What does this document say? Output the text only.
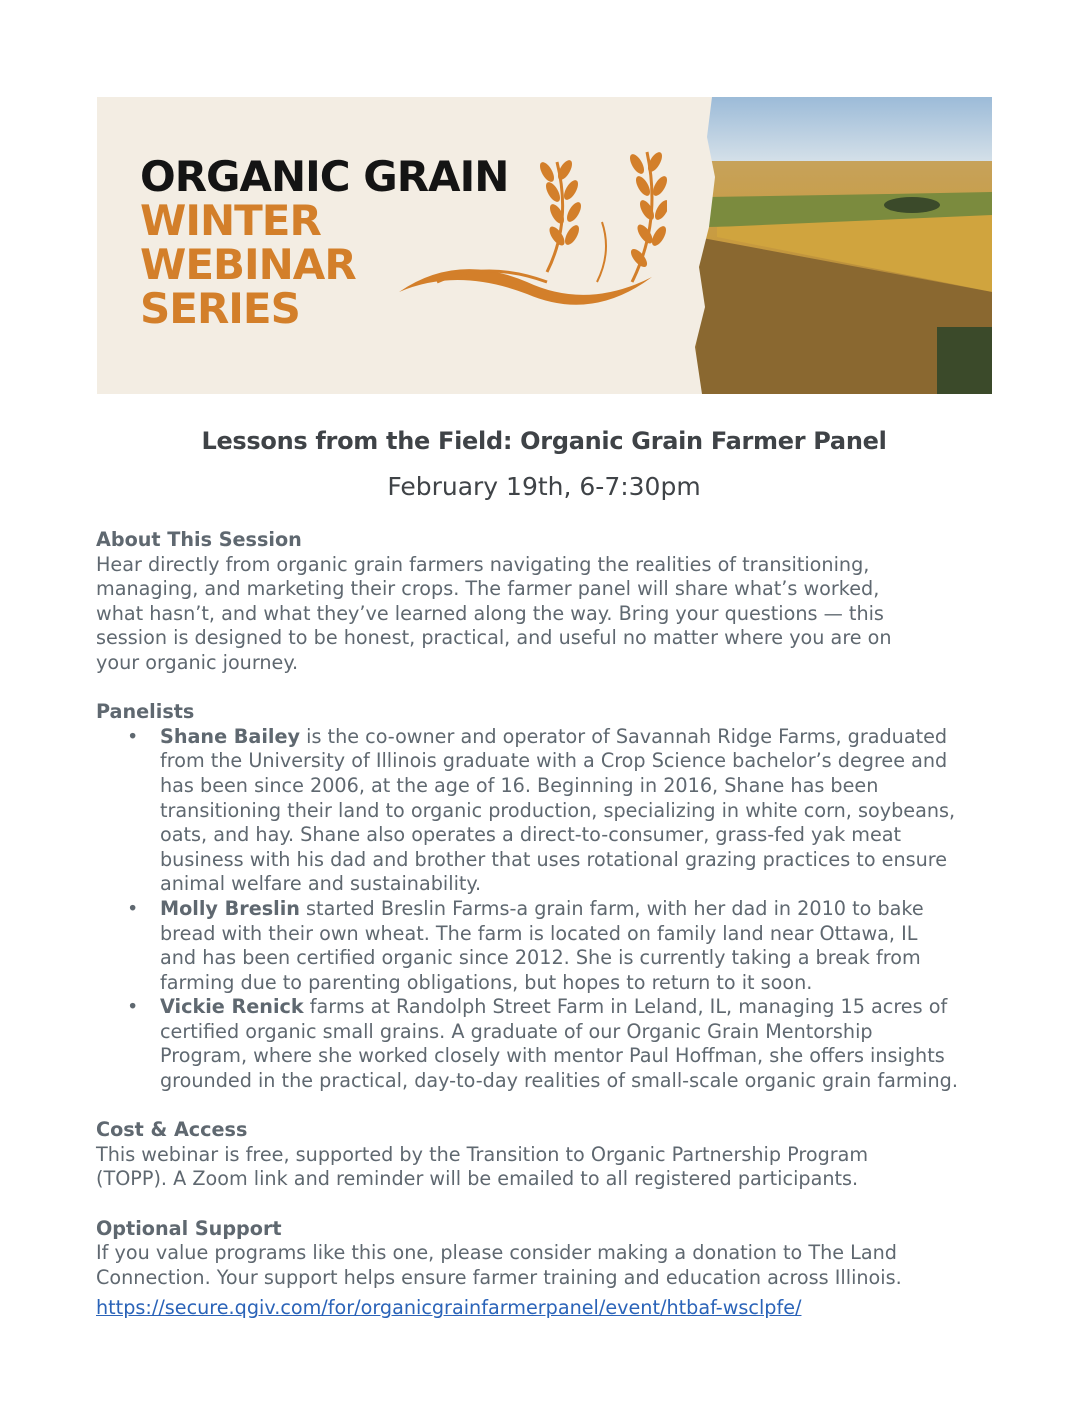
ORGANIC GRAIN
WINTER
WEBINAR
SERIES
Lessons from the Field: Organic Grain Farmer Panel
February 19th, 6-7:30pm
About This Session
Hear directly from organic grain farmers navigating the realities of transitioning,
managing, and marketing their crops. The farmer panel will share what’s worked,
what hasn’t, and what they’ve learned along the way. Bring your questions — this
session is designed to be honest, practical, and useful no matter where you are on
your organic journey.
Panelists
• Shane Bailey is the co-owner and operator of Savannah Ridge Farms, graduated
from the University of Illinois graduate with a Crop Science bachelor’s degree and
has been since 2006, at the age of 16. Beginning in 2016, Shane has been
transitioning their land to organic production, specializing in white corn, soybeans,
oats, and hay. Shane also operates a direct-to-consumer, grass-fed yak meat
business with his dad and brother that uses rotational grazing practices to ensure
animal welfare and sustainability.
• Molly Breslin started Breslin Farms-a grain farm, with her dad in 2010 to bake
bread with their own wheat. The farm is located on family land near Ottawa, IL
and has been certified organic since 2012. She is currently taking a break from
farming due to parenting obligations, but hopes to return to it soon.
• Vickie Renick farms at Randolph Street Farm in Leland, IL, managing 15 acres of
certified organic small grains. A graduate of our Organic Grain Mentorship
Program, where she worked closely with mentor Paul Hoffman, she offers insights
grounded in the practical, day-to-day realities of small-scale organic grain farming.
Cost & Access
This webinar is free, supported by the Transition to Organic Partnership Program
(TOPP). A Zoom link and reminder will be emailed to all registered participants.
Optional Support
If you value programs like this one, please consider making a donation to The Land
Connection. Your support helps ensure farmer training and education across Illinois.
https://secure.qgiv.com/for/organicgrainfarmerpanel/event/htbaf-wsclpfe/
